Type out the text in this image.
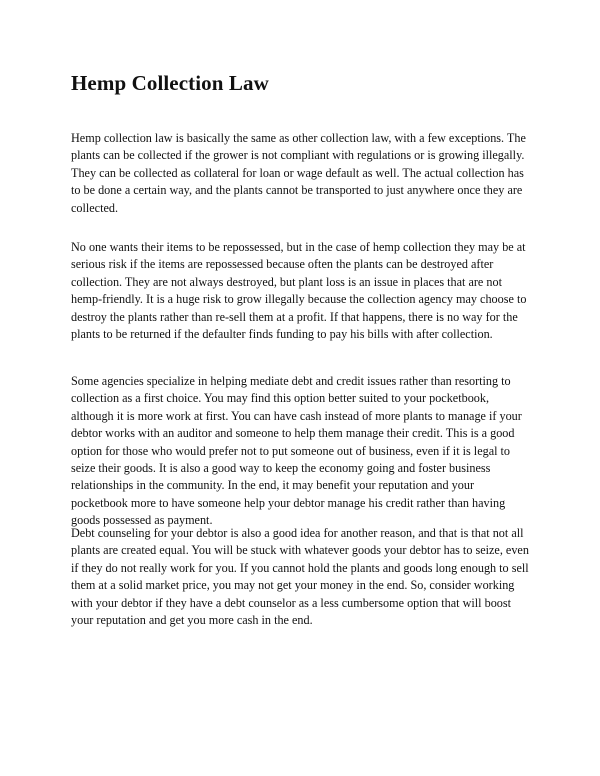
Hemp Collection Law

Hemp collection law is basically the same as other collection law, with a few exceptions. The plants can be collected if the grower is not compliant with regulations or is growing illegally. They can be collected as collateral for loan or wage default as well. The actual collection has to be done a certain way, and the plants cannot be transported to just anywhere once they are collected.

No one wants their items to be repossessed, but in the case of hemp collection they may be at serious risk if the items are repossessed because often the plants can be destroyed after collection. They are not always destroyed, but plant loss is an issue in places that are not hemp-friendly. It is a huge risk to grow illegally because the collection agency may choose to destroy the plants rather than re-sell them at a profit. If that happens, there is no way for the plants to be returned if the defaulter finds funding to pay his bills with after collection.

Some agencies specialize in helping mediate debt and credit issues rather than resorting to collection as a first choice. You may find this option better suited to your pocketbook, although it is more work at first. You can have cash instead of more plants to manage if your debtor works with an auditor and someone to help them manage their credit. This is a good option for those who would prefer not to put someone out of business, even if it is legal to seize their goods. It is also a good way to keep the economy going and foster business relationships in the community. In the end, it may benefit your reputation and your pocketbook more to have someone help your debtor manage his credit rather than having goods possessed as payment.

Debt counseling for your debtor is also a good idea for another reason, and that is that not all plants are created equal. You will be stuck with whatever goods your debtor has to seize, even if they do not really work for you. If you cannot hold the plants and goods long enough to sell them at a solid market price, you may not get your money in the end. So, consider working with your debtor if they have a debt counselor as a less cumbersome option that will boost your reputation and get you more cash in the end.
